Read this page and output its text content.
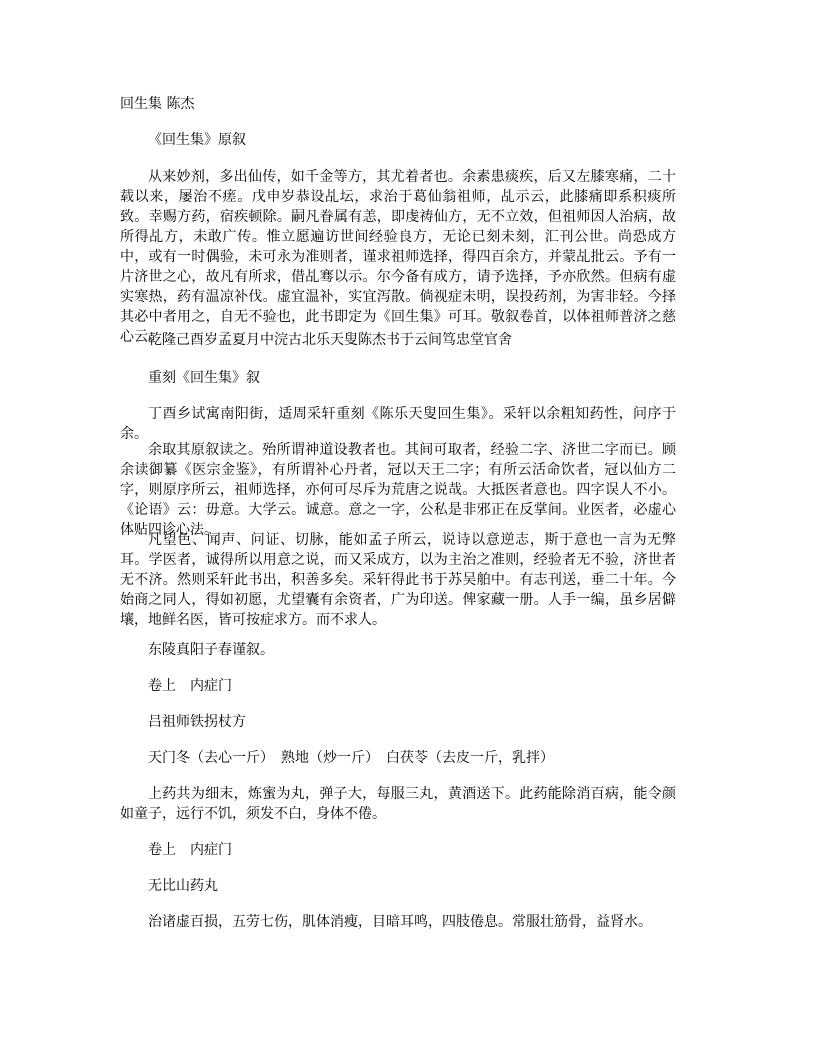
回生集 陈杰
《回生集》原叙
从来妙剂，多出仙传，如千金等方，其尤着者也。余素患痰疾，后又左膝寒痛，二十载以来，屡治不瘥。戊申岁恭设乩坛，求治于葛仙翁祖师，乩示云，此膝痛即系积痰所致。幸赐方药，宿疾顿除。嗣凡眷属有恙，即虔祷仙方，无不立效，但祖师因人治病，故所得乩方，未敢广传。惟立愿遍访世间经验良方，无论已刻未刻，汇刊公世。尚恐成方中，或有一时偶验，未可永为准则者，谨求祖师选择，得四百余方，并蒙乩批云。予有一片济世之心，故凡有所求，借乩骞以示。尔今备有成方，请予选择，予亦欣然。但病有虚实寒热，药有温凉补伐。虚宜温补，实宜泻散。倘视症未明，误投药剂，为害非轻。今择其必中者用之，自无不验也，此书即定为《回生集》可耳。敬叙卷首，以体祖师普济之慈心云。
乾隆己酉岁孟夏月中浣古北乐天叟陈杰书于云间笃忠堂官舍
重刻《回生集》叙
丁酉乡试寓南阳街，适周采轩重刻《陈乐天叟回生集》。采轩以余粗知药性，问序于余。
余取其原叙读之。殆所谓神道设教者也。其间可取者，经验二字、济世二字而已。顾余读御纂《医宗金鉴》，有所谓补心丹者，冠以天王二字；有所云活命饮者，冠以仙方二字，则原序所云，祖师选择，亦何可尽斥为荒唐之说哉。大抵医者意也。四字误人不小。《论语》云：毋意。大学云。诚意。意之一字，公私是非邪正在反掌间。业医者，必虚心体贴四诊心法。
凡望色、闻声、问证、切脉，能如孟子所云，说诗以意逆志，斯于意也一言为无弊耳。学医者，诚得所以用意之说，而又采成方，以为主治之准则，经验者无不验，济世者无不济。然则采轩此书出，积善多矣。采轩得此书于苏吴舶中。有志刊送，垂二十年。今始商之同人，得如初愿，尤望囊有余资者，广为印送。俾家藏一册。人手一编，虽乡居僻壤，地鲜名医，皆可按症求方。而不求人。
东陵真阳子春谨叙。
卷上　内症门
吕祖师铁拐杖方
天门冬（去心一斤）　熟地（炒一斤）　白茯苓（去皮一斤，乳拌）
上药共为细末，炼蜜为丸，弹子大，每服三丸，黄酒送下。此药能除消百病，能令颜如童子，远行不饥，须发不白，身体不倦。
卷上　内症门
无比山药丸
治诸虚百损，五劳七伤，肌体消瘦，目暗耳鸣，四肢倦息。常服壮筋骨，益肾水。
